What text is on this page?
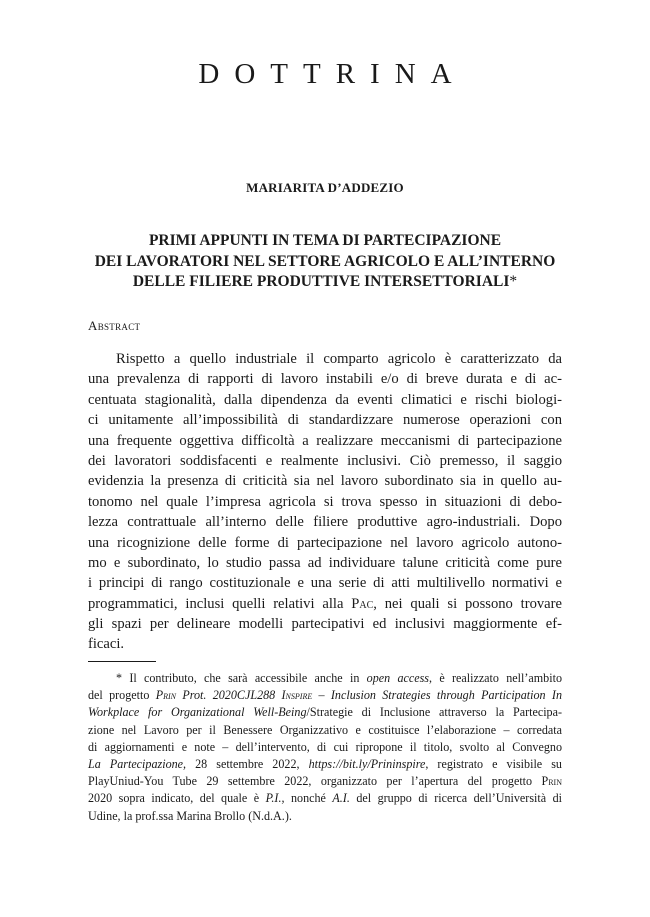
DOTTRINA
MARIARITA D’ADDEZIO
PRIMI APPUNTI IN TEMA DI PARTECIPAZIONE
DEI LAVORATORI NEL SETTORE AGRICOLO E ALL’INTERNO
DELLE FILIERE PRODUTTIVE INTERSETTORIALI*
Abstract
Rispetto a quello industriale il comparto agricolo è caratterizzato da
una prevalenza di rapporti di lavoro instabili e/o di breve durata e di ac-
centuata stagionalità, dalla dipendenza da eventi climatici e rischi biologi-
ci unitamente all’impossibilità di standardizzare numerose operazioni con
una frequente oggettiva difficoltà a realizzare meccanismi di partecipazione
dei lavoratori soddisfacenti e realmente inclusivi. Ciò premesso, il saggio
evidenzia la presenza di criticità sia nel lavoro subordinato sia in quello au-
tonomo nel quale l’impresa agricola si trova spesso in situazioni di debo-
lezza contrattuale all’interno delle filiere produttive agro-industriali. Dopo
una ricognizione delle forme di partecipazione nel lavoro agricolo autono-
mo e subordinato, lo studio passa ad individuare talune criticità come pure
i principi di rango costituzionale e una serie di atti multilivello normativi e
programmatici, inclusi quelli relativi alla Pac, nei quali si possono trovare
gli spazi per delineare modelli partecipativi ed inclusivi maggiormente ef-
ficaci.
* Il contributo, che sarà accessibile anche in open access, è realizzato nell’ambito
del progetto Prin Prot. 2020CJL288 Inspire – Inclusion Strategies through Participation In
Workplace for Organizational Well-Being/Strategie di Inclusione attraverso la Partecipa-
zione nel Lavoro per il Benessere Organizzativo e costituisce l’elaborazione – corredata
di aggiornamenti e note – dell’intervento, di cui ripropone il titolo, svolto al Convegno
La Partecipazione, 28 settembre 2022, https://bit.ly/Prininspire, registrato e visibile su
PlayUniud-You Tube 29 settembre 2022, organizzato per l’apertura del progetto Prin
2020 sopra indicato, del quale è P.I., nonché A.I. del gruppo di ricerca dell’Università di
Udine, la prof.ssa Marina Brollo (N.d.A.).
